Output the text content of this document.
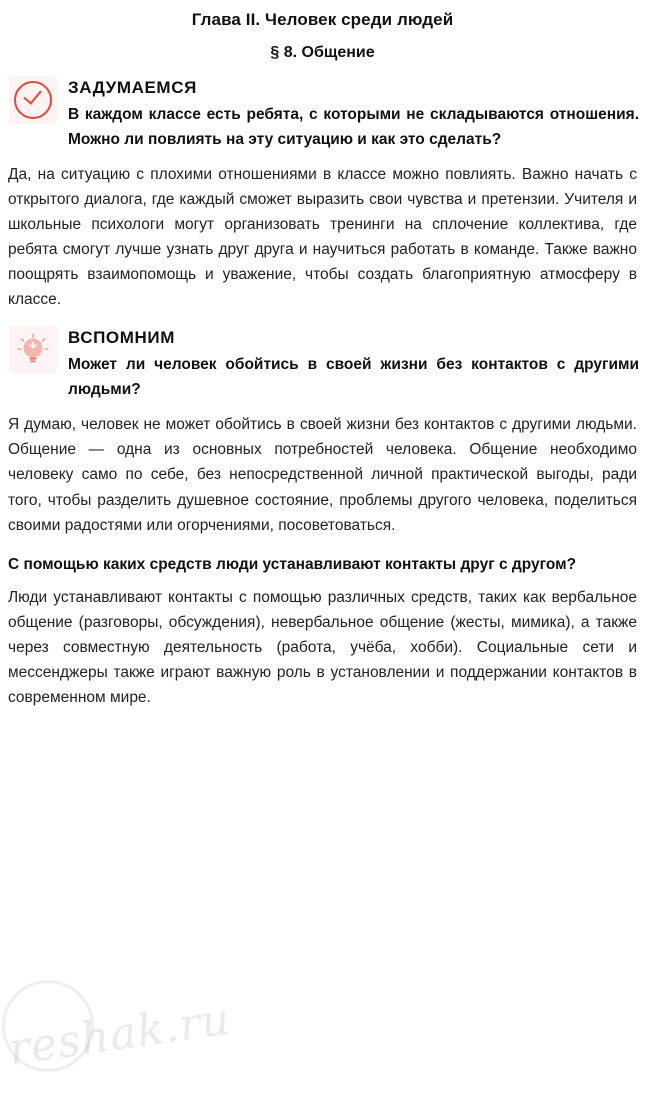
Глава II. Человек среди людей
§ 8. Общение
ЗАДУМАЕМСЯ

В каждом классе есть ребята, с которыми не складываются отношения. Можно ли повлиять на эту ситуацию и как это сделать?

Да, на ситуацию с плохими отношениями в классе можно повлиять. Важно начать с открытого диалога, где каждый сможет выразить свои чувства и претензии. Учителя и школьные психологи могут организовать тренинги на сплочение коллектива, где ребята смогут лучше узнать друг друга и научиться работать в команде. Также важно поощрять взаимопомощь и уважение, чтобы создать благоприятную атмосферу в классе.

ВСПОМНИМ

Может ли человек обойтись в своей жизни без контактов с другими людьми?

Я думаю, человек не может обойтись в своей жизни без контактов с другими людьми. Общение — одна из основных потребностей человека. Общение необходимо человеку само по себе, без непосредственной личной практической выгоды, ради того, чтобы разделить душевное состояние, проблемы другого человека, поделиться своими радостями или огорчениями, посоветоваться.

С помощью каких средств люди устанавливают контакты друг с другом?

Люди устанавливают контакты с помощью различных средств, таких как вербальное общение (разговоры, обсуждения), невербальное общение (жесты, мимика), а также через совместную деятельность (работа, учёба, хобби). Социальные сети и мессенджеры также играют важную роль в установлении и поддержании контактов в современном мире.

reshak.ru
